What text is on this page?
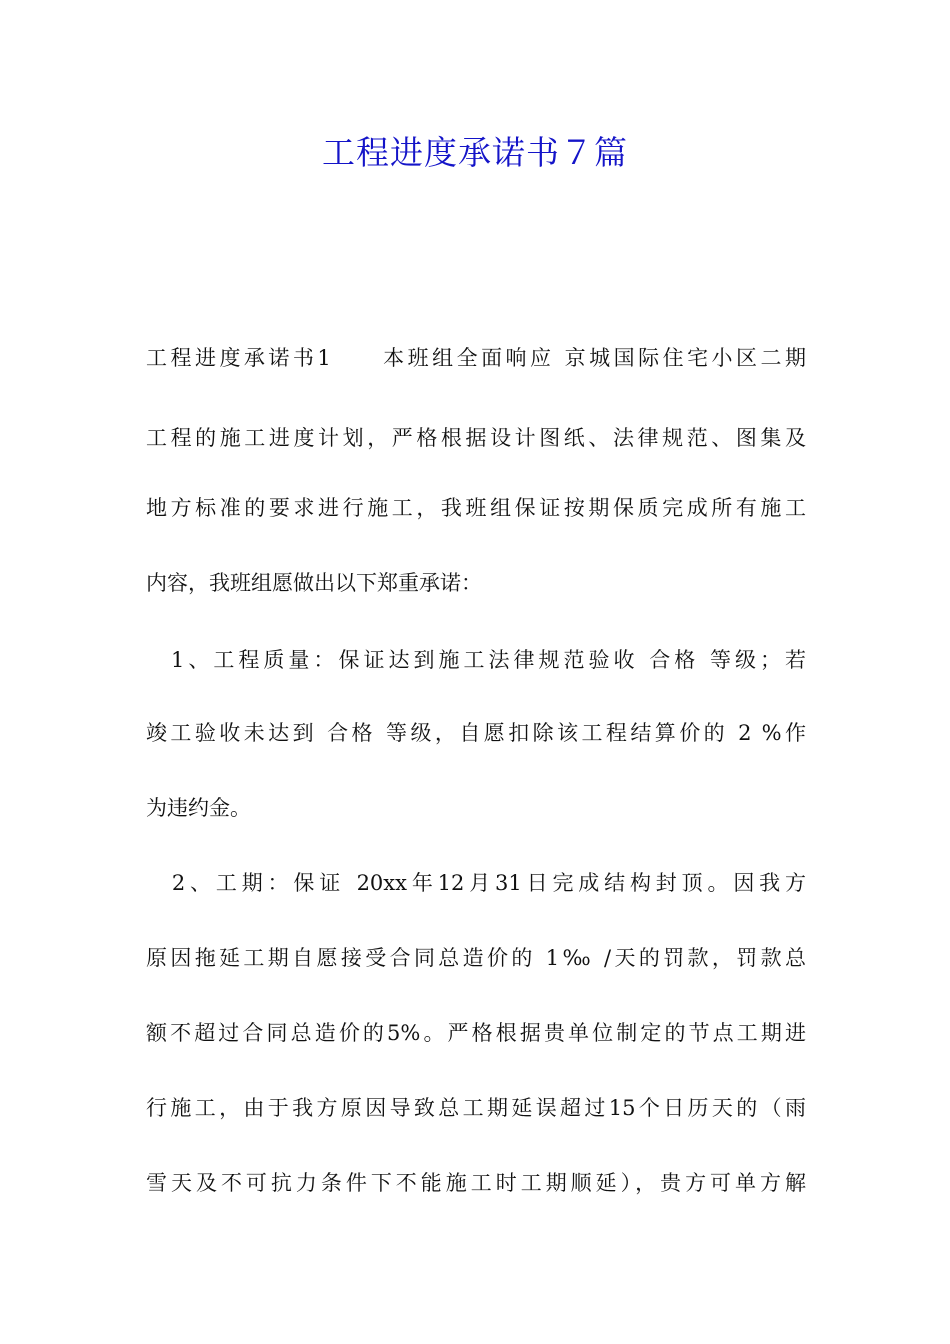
工程进度承诺书７篇

工程进度承诺书1　　本班组全面响应 京城国际住宅小区二期

工程的施工进度计划，严格根据设计图纸、法律规范、图集及

地方标准的要求进行施工，我班组保证按期保质完成所有施工

内容，我班组愿做出以下郑重承诺：

　1、工程质量：保证达到施工法律规范验收 合格 等级；若

竣工验收未达到 合格 等级，自愿扣除该工程结算价的 2 %作

为违约金。

　2、工期：保证 20xx年12月31日完成结构封顶。因我方

原因拖延工期自愿接受合同总造价的 1‰ /天的罚款，罚款总

额不超过合同总造价的5%。严格根据贵单位制定的节点工期进

行施工，由于我方原因导致总工期延误超过15个日历天的（雨

雪天及不可抗力条件下不能施工时工期顺延），贵方可单方解
